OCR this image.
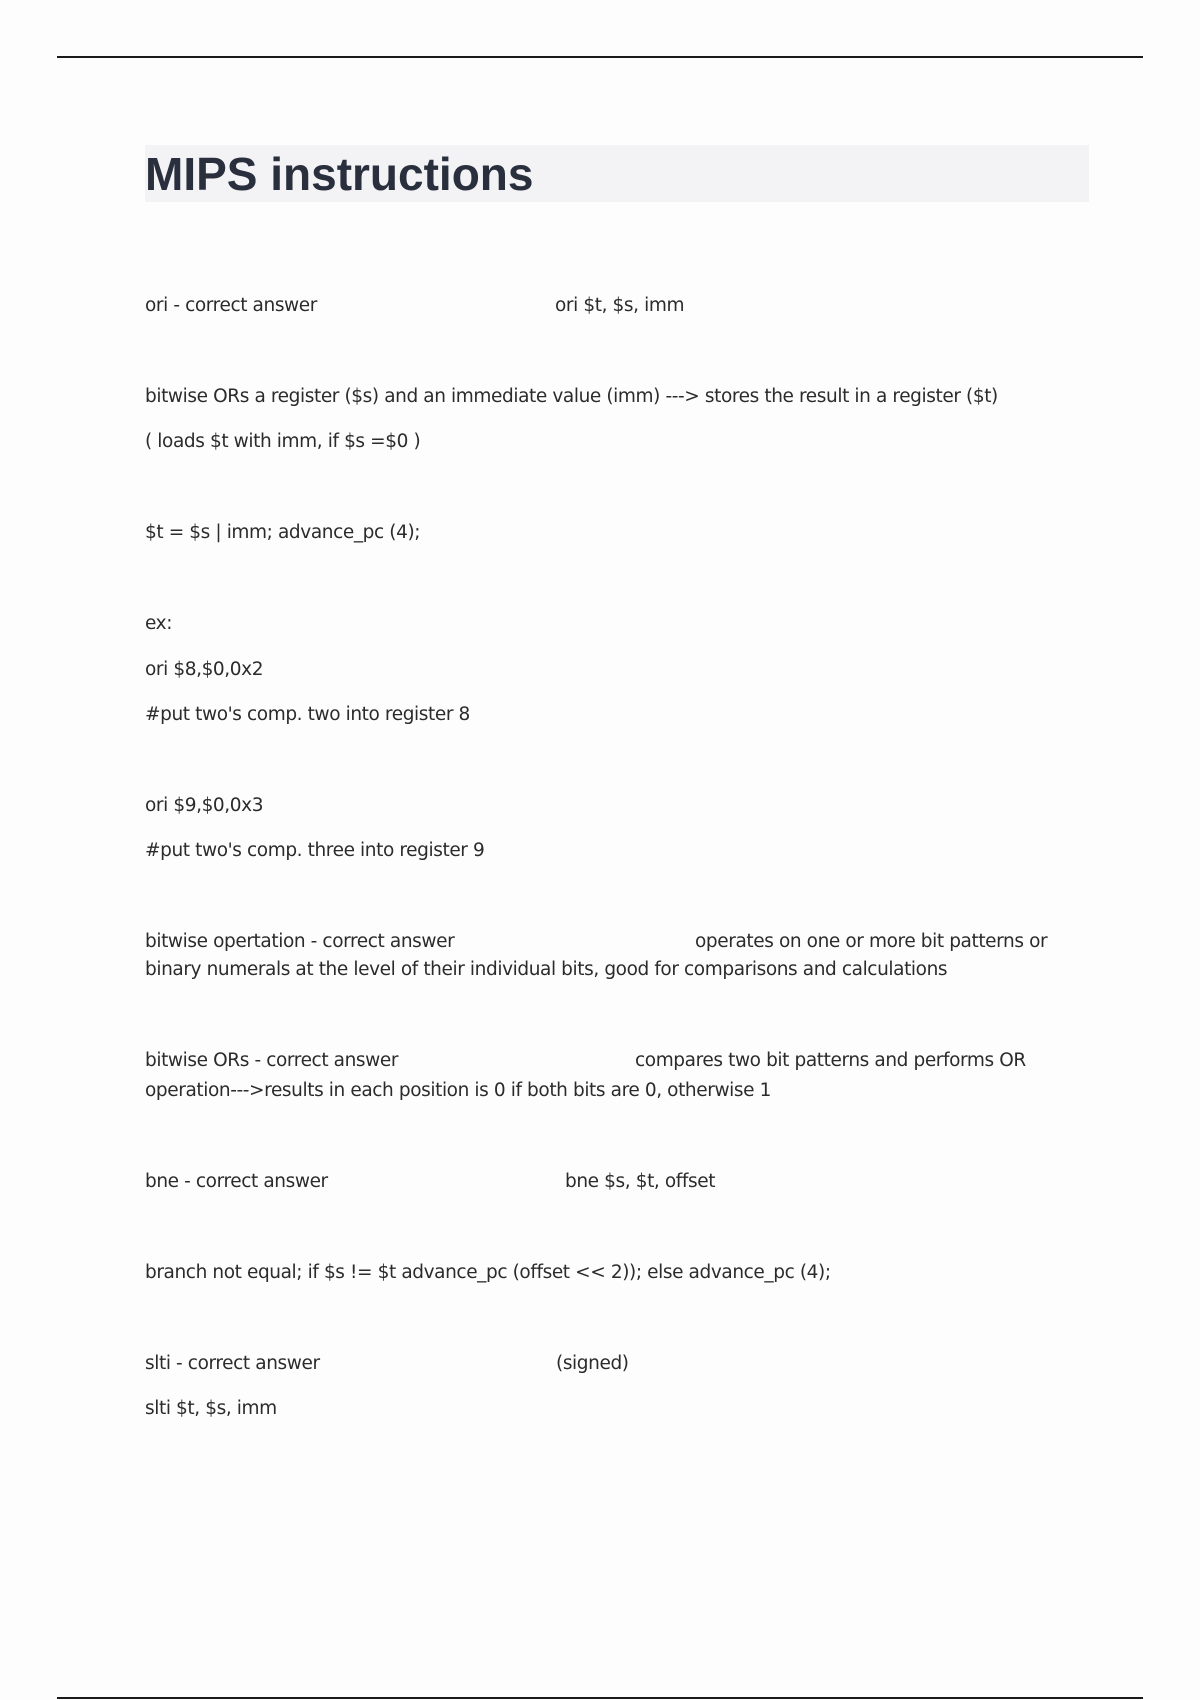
MIPS instructions
ori - correct answer	ori $t, $s, imm
bitwise ORs a register ($s) and an immediate value (imm) ---> stores the result in a register ($t)
( loads $t with imm, if $s =$0 )
$t = $s | imm; advance_pc (4);
ex:
ori $8,$0,0x2
#put two's comp. two into register 8
ori $9,$0,0x3
#put two's comp. three into register 9
bitwise opertation - correct answer	operates on one or more bit patterns or
binary numerals at the level of their individual bits, good for comparisons and calculations
bitwise ORs - correct answer	compares two bit patterns and performs OR
operation--->results in each position is 0 if both bits are 0, otherwise 1
bne - correct answer	bne $s, $t, offset
branch not equal; if $s != $t advance_pc (offset << 2)); else advance_pc (4);
slti - correct answer	(signed)
slti $t, $s, imm
